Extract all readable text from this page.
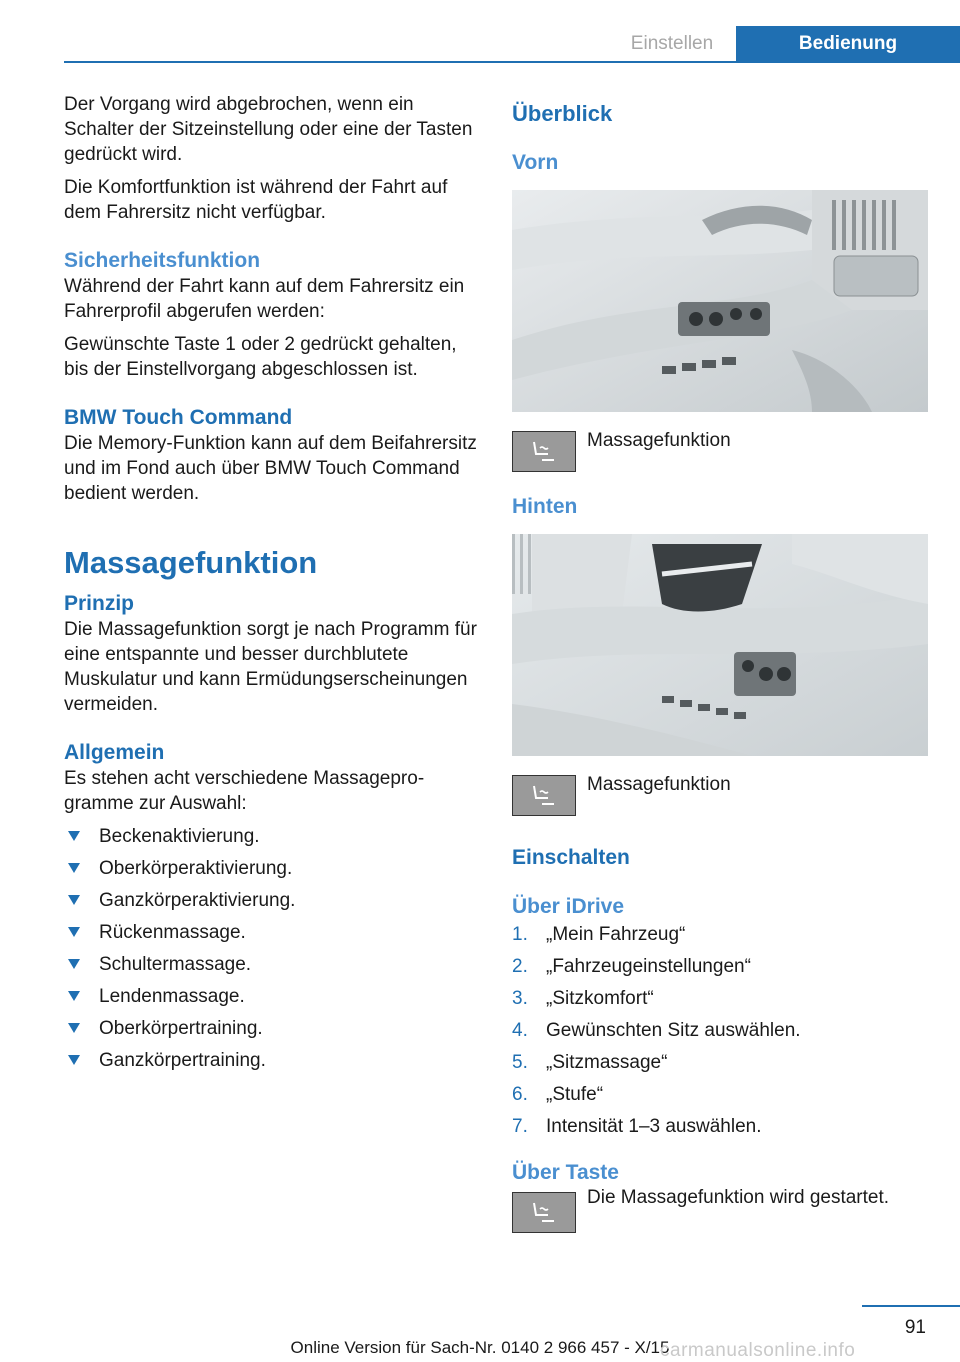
Einstellen	Bedienung

Der Vorgang wird abgebrochen, wenn ein Schalter der Sitzeinstellung oder eine der Tasten gedrückt wird.

Die Komfortfunktion ist während der Fahrt auf dem Fahrersitz nicht verfügbar.

Sicherheitsfunktion

Während der Fahrt kann auf dem Fahrersitz ein Fahrerprofil abgerufen werden:

Gewünschte Taste 1 oder 2 gedrückt gehalten, bis der Einstellvorgang abgeschlossen ist.

BMW Touch Command

Die Memory-Funktion kann auf dem Beifahrersitz und im Fond auch über BMW Touch Command bedient werden.

Massagefunktion
Prinzip

Die Massagefunktion sorgt je nach Programm für eine entspannte und besser durchblutete Muskulatur und kann Ermüdungserscheinungen vermeiden.

Allgemein

Es stehen acht verschiedene Massageprogramme zur Auswahl:

Beckenaktivierung.
Oberkörperaktivierung.
Ganzkörperaktivierung.
Rückenmassage.
Schultermassage.
Lendenmassage.
Oberkörpertraining.
Ganzkörpertraining.
Überblick
Vorn
Massagefunktion
Hinten
Massagefunktion
Einschalten
Über iDrive
1. „Mein Fahrzeug“
2. „Fahrzeugeinstellungen“
3. „Sitzkomfort“
4. Gewünschten Sitz auswählen.
5. „Sitzmassage“
6. „Stufe“
7. Intensität 1–3 auswählen.
Über Taste
Die Massagefunktion wird gestartet.
91
Online Version für Sach-Nr. 0140 2 966 457 - X/15
carmanualsonline.info
